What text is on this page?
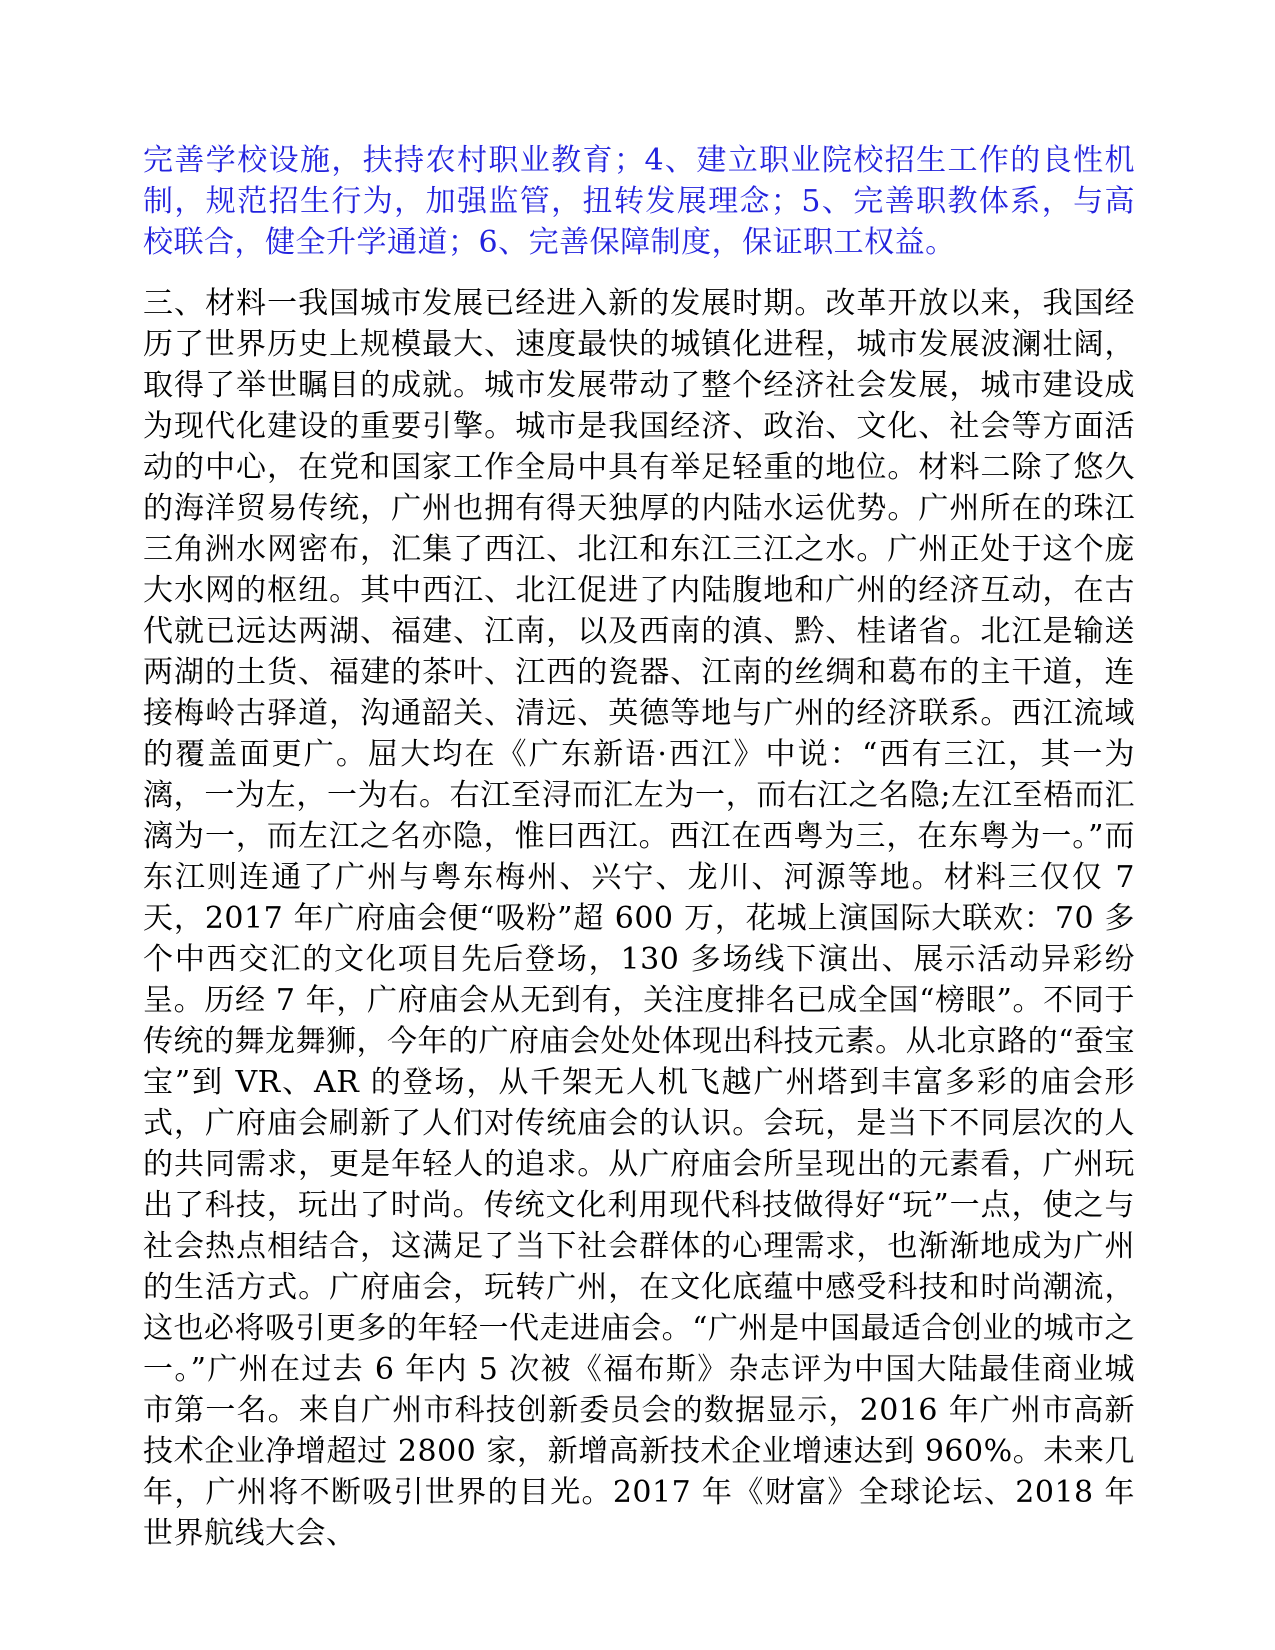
完善学校设施，扶持农村职业教育；4、建立职业院校招生工作的良性机制，规范招生行为，加强监管，扭转发展理念；5、完善职教体系，与高校联合，健全升学通道；6、完善保障制度，保证职工权益。

三、材料一我国城市发展已经进入新的发展时期。改革开放以来，我国经历了世界历史上规模最大、速度最快的城镇化进程，城市发展波澜壮阔，取得了举世瞩目的成就。城市发展带动了整个经济社会发展，城市建设成为现代化建设的重要引擎。城市是我国经济、政治、文化、社会等方面活动的中心，在党和国家工作全局中具有举足轻重的地位。材料二除了悠久的海洋贸易传统，广州也拥有得天独厚的内陆水运优势。广州所在的珠江三角洲水网密布，汇集了西江、北江和东江三江之水。广州正处于这个庞大水网的枢纽。其中西江、北江促进了内陆腹地和广州的经济互动，在古代就已远达两湖、福建、江南，以及西南的滇、黔、桂诸省。北江是输送两湖的土货、福建的茶叶、江西的瓷器、江南的丝绸和葛布的主干道，连接梅岭古驿道，沟通韶关、清远、英德等地与广州的经济联系。西江流域的覆盖面更广。屈大均在《广东新语·西江》中说：“西有三江，其一为漓，一为左，一为右。右江至浔而汇左为一，而右江之名隐;左江至梧而汇漓为一，而左江之名亦隐，惟曰西江。西江在西粤为三，在东粤为一。”而东江则连通了广州与粤东梅州、兴宁、龙川、河源等地。材料三仅仅 7 天，2017 年广府庙会便“吸粉”超 600 万，花城上演国际大联欢：70 多个中西交汇的文化项目先后登场，130 多场线下演出、展示活动异彩纷呈。历经 7 年，广府庙会从无到有，关注度排名已成全国“榜眼”。不同于传统的舞龙舞狮，今年的广府庙会处处体现出科技元素。从北京路的“蚕宝宝”到 VR、AR 的登场，从千架无人机飞越广州塔到丰富多彩的庙会形式，广府庙会刷新了人们对传统庙会的认识。会玩，是当下不同层次的人的共同需求，更是年轻人的追求。从广府庙会所呈现出的元素看，广州玩出了科技，玩出了时尚。传统文化利用现代科技做得好“玩”一点，使之与社会热点相结合，这满足了当下社会群体的心理需求，也渐渐地成为广州的生活方式。广府庙会，玩转广州，在文化底蕴中感受科技和时尚潮流，这也必将吸引更多的年轻一代走进庙会。“广州是中国最适合创业的城市之一。”广州在过去 6 年内 5 次被《福布斯》杂志评为中国大陆最佳商业城市第一名。来自广州市科技创新委员会的数据显示，2016 年广州市高新技术企业净增超过 2800 家，新增高新技术企业增速达到 960%。未来几年，广州将不断吸引世界的目光。2017 年《财富》全球论坛、2018 年世界航线大会、
